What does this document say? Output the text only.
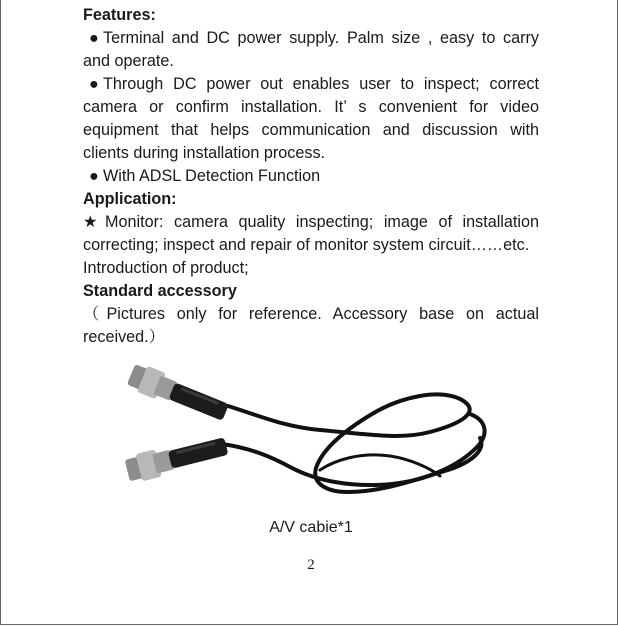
Features:

● Terminal and DC power supply. Palm size , easy to carry and operate.

● Through DC power out enables user to inspect; correct camera or confirm installation. It’ s convenient for video equipment that helps communication and discussion with clients during installation process.

● With ADSL Detection Function

Application:

★ Monitor: camera quality inspecting; image of installation correcting; inspect and repair of monitor system circuit……etc.

Introduction of product;

Standard accessory

（Pictures only for reference. Accessory base on actual received.）

A/V cabie*1
2
